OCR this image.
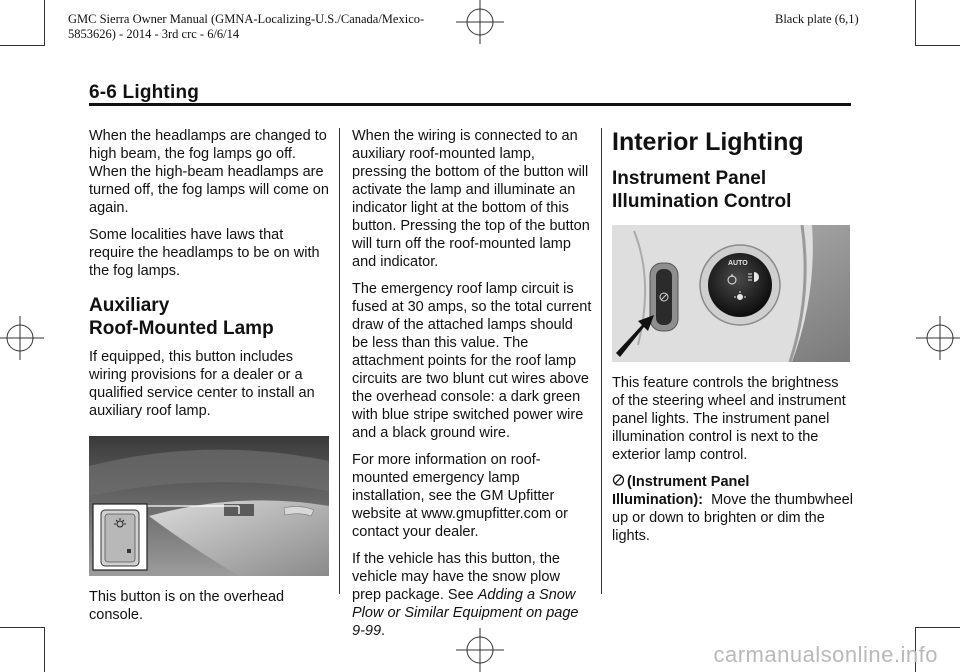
GMC Sierra Owner Manual (GMNA-Localizing-U.S./Canada/Mexico-
5853626) - 2014 - 3rd crc - 6/6/14
Black plate (6,1)
6-6 Lighting

When the headlamps are changed to high beam, the fog lamps go off. When the high-beam headlamps are turned off, the fog lamps will come on again.

Some localities have laws that require the headlamps to be on with the fog lamps.

Auxiliary
Roof-Mounted Lamp

If equipped, this button includes wiring provisions for a dealer or a qualified service center to install an auxiliary roof lamp.

This button is on the overhead console.

When the wiring is connected to an auxiliary roof-mounted lamp, pressing the bottom of the button will activate the lamp and illuminate an indicator light at the bottom of this button. Pressing the top of the button will turn off the roof-mounted lamp and indicator.

The emergency roof lamp circuit is fused at 30 amps, so the total current draw of the attached lamps should be less than this value. The attachment points for the roof lamp circuits are two blunt cut wires above the overhead console: a dark green with blue stripe switched power wire and a black ground wire.

For more information on roof-mounted emergency lamp installation, see the GM Upfitter website at www.gmupfitter.com or contact your dealer.

If the vehicle has this button, the vehicle may have the snow plow prep package. See Adding a Snow Plow or Similar Equipment on page 9-99.

Interior Lighting
Instrument Panel
Illumination Control
AUTO

This feature controls the brightness of the steering wheel and instrument panel lights. The instrument panel illumination control is next to the exterior lamp control.

(Instrument Panel Illumination): Move the thumbwheel up or down to brighten or dim the lights.

carmanualsonline.info
